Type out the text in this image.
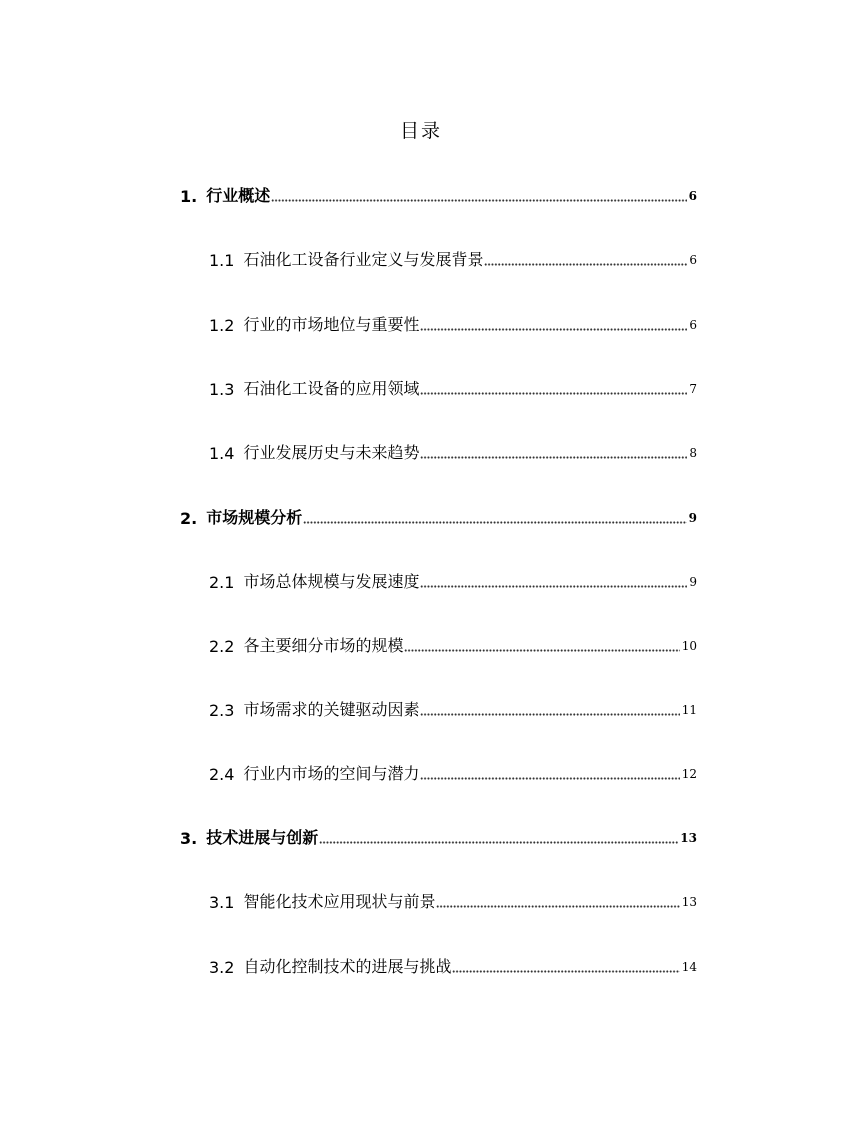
目录
1. 行业概述	6
1.1 石油化工设备行业定义与发展背景	6
1.2 行业的市场地位与重要性	6
1.3 石油化工设备的应用领域	7
1.4 行业发展历史与未来趋势	8
2. 市场规模分析	9
2.1 市场总体规模与发展速度	9
2.2 各主要细分市场的规模	10
2.3 市场需求的关键驱动因素	11
2.4 行业内市场的空间与潜力	12
3. 技术进展与创新	13
3.1 智能化技术应用现状与前景	13
3.2 自动化控制技术的进展与挑战	14
